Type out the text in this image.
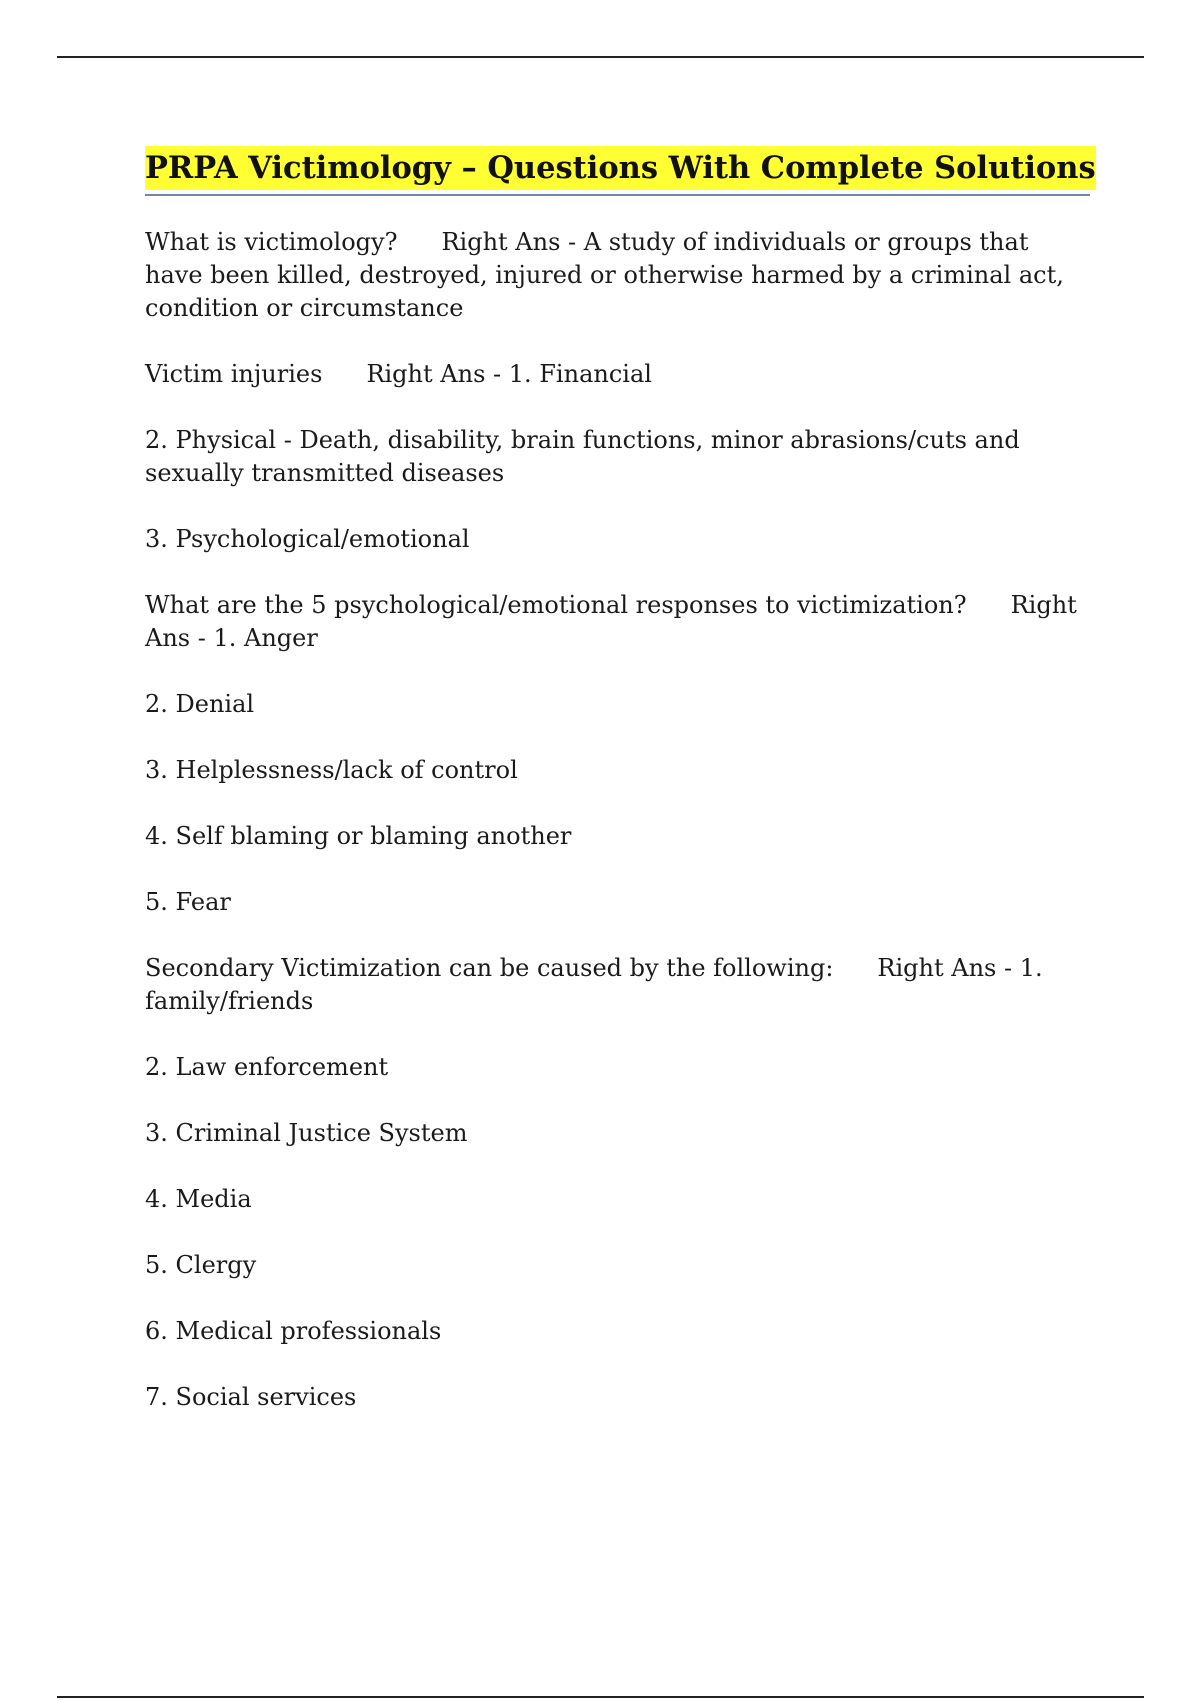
PRPA Victimology – Questions With Complete Solutions

What is victimology? Right Ans - A study of individuals or groups that have been killed, destroyed, injured or otherwise harmed by a criminal act, condition or circumstance

Victim injuries Right Ans - 1. Financial

2. Physical - Death, disability, brain functions, minor abrasions/cuts and sexually transmitted diseases

3. Psychological/emotional

What are the 5 psychological/emotional responses to victimization? Right Ans - 1. Anger

2. Denial

3. Helplessness/lack of control

4. Self blaming or blaming another

5. Fear

Secondary Victimization can be caused by the following: Right Ans - 1. family/friends

2. Law enforcement

3. Criminal Justice System

4. Media

5. Clergy

6. Medical professionals

7. Social services
